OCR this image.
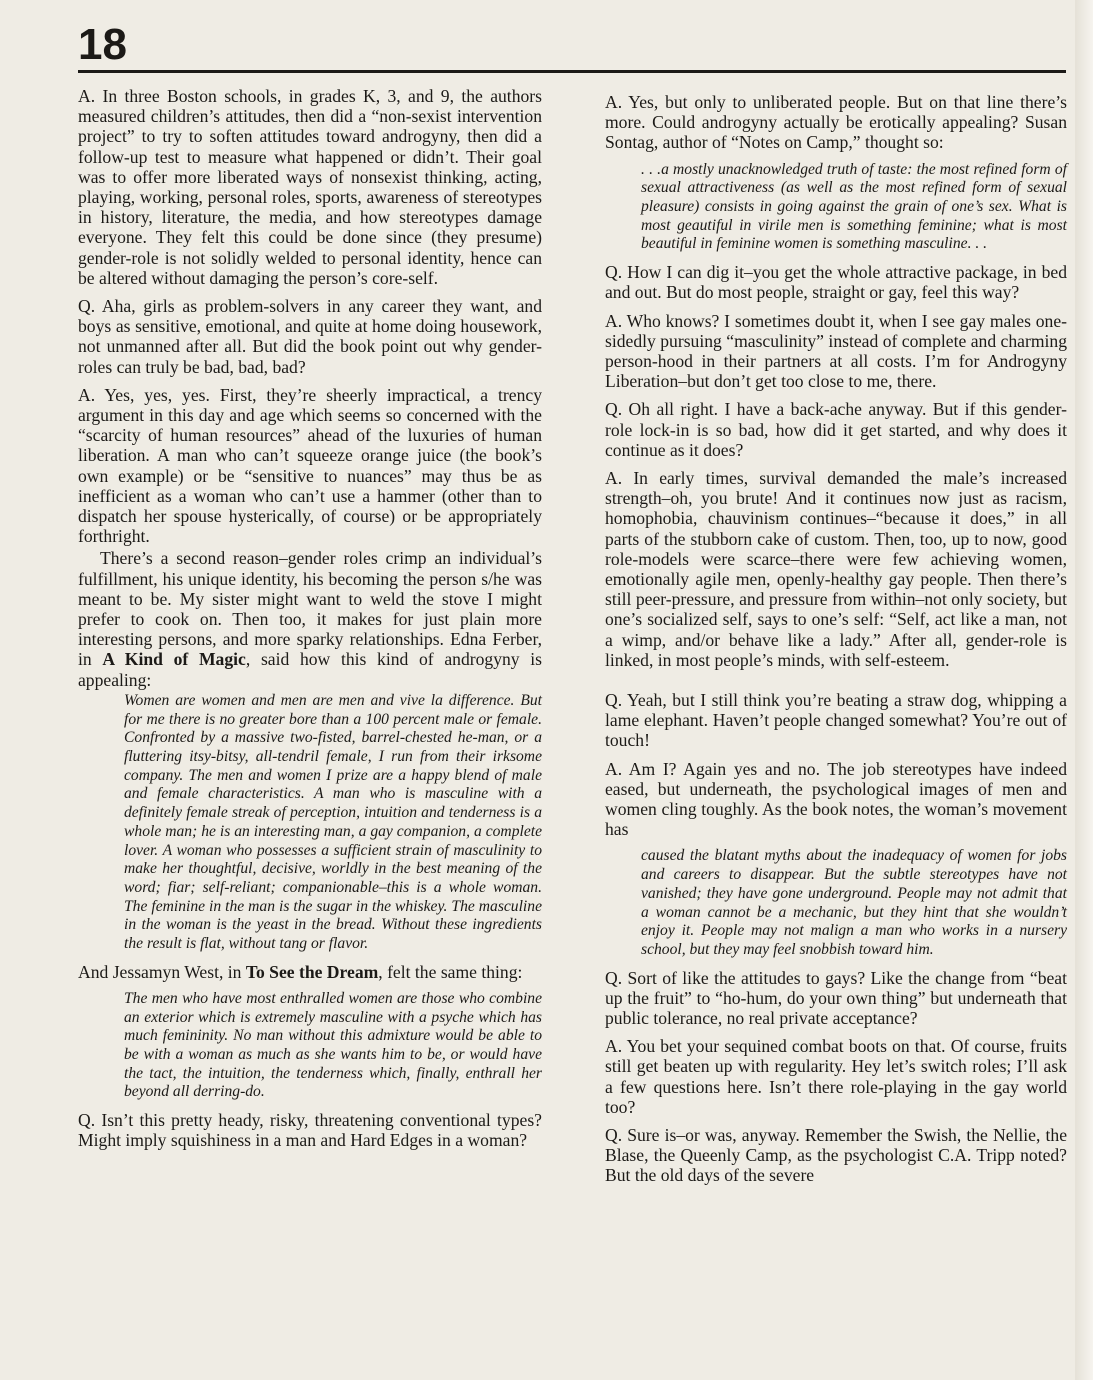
18

A. In three Boston schools, in grades K, 3, and 9, the authors measured children’s attitudes, then did a “non-sexist intervention project” to try to soften attitudes toward androgyny, then did a follow-up test to measure what happened or didn’t. Their goal was to offer more liberated ways of nonsexist thinking, acting, playing, working, personal roles, sports, awareness of stereotypes in history, literature, the media, and how stereotypes damage everyone. They felt this could be done since (they presume) gender-role is not solidly welded to personal identity, hence can be altered without damaging the person’s core-self.

Q. Aha, girls as problem-solvers in any career they want, and boys as sensitive, emotional, and quite at home doing housework, not unmanned after all. But did the book point out why gender-roles can truly be bad, bad, bad?

A. Yes, yes, yes. First, they’re sheerly impractical, a trency argument in this day and age which seems so concerned with the “scarcity of human resources” ahead of the luxuries of human liberation. A man who can’t squeeze orange juice (the book’s own example) or be “sensitive to nuances” may thus be as inefficient as a woman who can’t use a hammer (other than to dispatch her spouse hysterically, of course) or be appropriately forthright.

There’s a second reason–gender roles crimp an individual’s fulfillment, his unique identity, his becoming the person s/he was meant to be. My sister might want to weld the stove I might prefer to cook on. Then too, it makes for just plain more interesting persons, and more sparky relationships. Edna Ferber, in A Kind of Magic, said how this kind of androgyny is appealing:

Women are women and men are men and vive la difference. But for me there is no greater bore than a 100 percent male or female. Confronted by a massive two-fisted, barrel-chested he-man, or a fluttering itsy-bitsy, all-tendril female, I run from their irksome company. The men and women I prize are a happy blend of male and female characteristics. A man who is masculine with a definitely female streak of perception, intuition and tenderness is a whole man; he is an interesting man, a gay companion, a complete lover. A woman who possesses a sufficient strain of masculinity to make her thoughtful, decisive, worldly in the best meaning of the word; fiar; self-reliant; companionable–this is a whole woman. The feminine in the man is the sugar in the whiskey. The masculine in the woman is the yeast in the bread. Without these ingredients the result is flat, without tang or flavor.

And Jessamyn West, in To See the Dream, felt the same thing:

The men who have most enthralled women are those who combine an exterior which is extremely masculine with a psyche which has much femininity. No man without this admixture would be able to be with a woman as much as she wants him to be, or would have the tact, the intuition, the tenderness which, finally, enthrall her beyond all derring-do.

Q. Isn’t this pretty heady, risky, threatening conventional types? Might imply squishiness in a man and Hard Edges in a woman?

A. Yes, but only to unliberated people. But on that line there’s more. Could androgyny actually be erotically appealing? Susan Sontag, author of “Notes on Camp,” thought so:

. . .a mostly unacknowledged truth of taste: the most refined form of sexual attractiveness (as well as the most refined form of sexual pleasure) consists in going against the grain of one’s sex. What is most geautiful in virile men is something feminine; what is most beautiful in feminine women is something masculine. . .

Q. How I can dig it–you get the whole attractive package, in bed and out. But do most people, straight or gay, feel this way?

A. Who knows? I sometimes doubt it, when I see gay males one-sidedly pursuing “masculinity” instead of complete and charming person-hood in their partners at all costs. I’m for Androgyny Liberation–but don’t get too close to me, there.

Q. Oh all right. I have a back-ache anyway. But if this gender-role lock-in is so bad, how did it get started, and why does it continue as it does?

A. In early times, survival demanded the male’s increased strength–oh, you brute! And it continues now just as racism, homophobia, chauvinism continues–“because it does,” in all parts of the stubborn cake of custom. Then, too, up to now, good role-models were scarce–there were few achieving women, emotionally agile men, openly-healthy gay people. Then there’s still peer-pressure, and pressure from within–not only society, but one’s socialized self, says to one’s self: “Self, act like a man, not a wimp, and/or behave like a lady.” After all, gender-role is linked, in most people’s minds, with self-esteem.

Q. Yeah, but I still think you’re beating a straw dog, whipping a lame elephant. Haven’t people changed somewhat? You’re out of touch!

A. Am I? Again yes and no. The job stereotypes have indeed eased, but underneath, the psychological images of men and women cling toughly. As the book notes, the woman’s movement has

caused the blatant myths about the inadequacy of women for jobs and careers to disappear. But the subtle stereotypes have not vanished; they have gone underground. People may not admit that a woman cannot be a mechanic, but they hint that she wouldn’t enjoy it. People may not malign a man who works in a nursery school, but they may feel snobbish toward him.

Q. Sort of like the attitudes to gays? Like the change from “beat up the fruit” to “ho-hum, do your own thing” but underneath that public tolerance, no real private acceptance?

A. You bet your sequined combat boots on that. Of course, fruits still get beaten up with regularity. Hey let’s switch roles; I’ll ask a few questions here. Isn’t there role-playing in the gay world too?

Q. Sure is–or was, anyway. Remember the Swish, the Nellie, the Blase, the Queenly Camp, as the psychologist C.A. Tripp noted? But the old days of the severe
